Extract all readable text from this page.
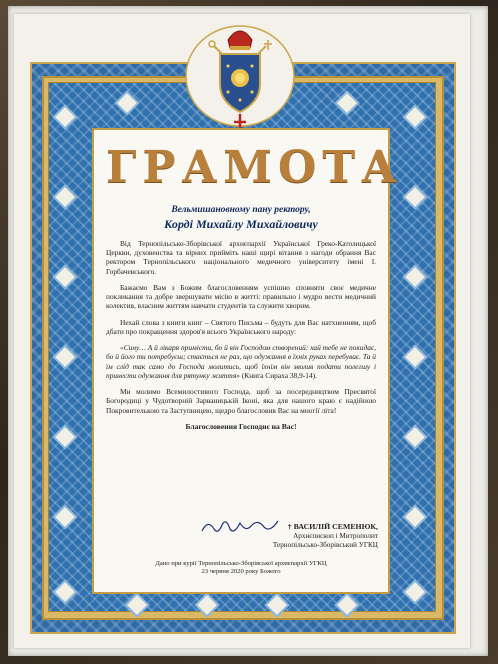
ГРАМОТА
Вельмишановному пану ректору,
Корді Михайлу Михайловичу

Від Тернопільсько-Зборівської архиєпархії Української Греко-Католицької Церкви, духовенства та вірних прийміть наші щирі вітання з нагоди обрання Вас ректором Тернопільського національного медичного університету імені І. Горбачевського.

Бажаємо Вам з Божим благословенням успішно сповняти своє медичне покликання та добре звершувати місію в житті: правильно і мудро вести медичний колектив, власним життям навчати студентів та служити хворим.

Нехай слова з книги книг – Святого Письма – будуть для Вас натхненням, щоб дбати про покращення здоров'я всього Українського народу:

«Сину… А й лікаря примісти, бо й він Господом створений: хай тебе не покидає, бо й його ти потребуєш; стається не раз, що одужання в їхніх руках перебуває. Та й їм слід так само до Господа молитись, щоб їхнім він зволив подати полегшу і принести одужання для рятунку життя» (Книга Сираха 38,9-14).

Ми молимо Всемилостивого Господа, щоб за посередництвом Пресвятої Богородиці у Чудотворній Зарваницькій Іконі, яка для нашого краю є надійною Покровителькою та Заступницею, щедро благословив Вас на многії літа!

Благословення Господнє на Вас!
† ВАСИЛІЙ СЕМЕНЮК,
Архиєпископ і Митрополит
Тернопільсько-Зборівський УГКЦ
Дано при курії Тернопільсько-Зборівської архиєпархії УГКЦ
23 червня 2020 року Божого
